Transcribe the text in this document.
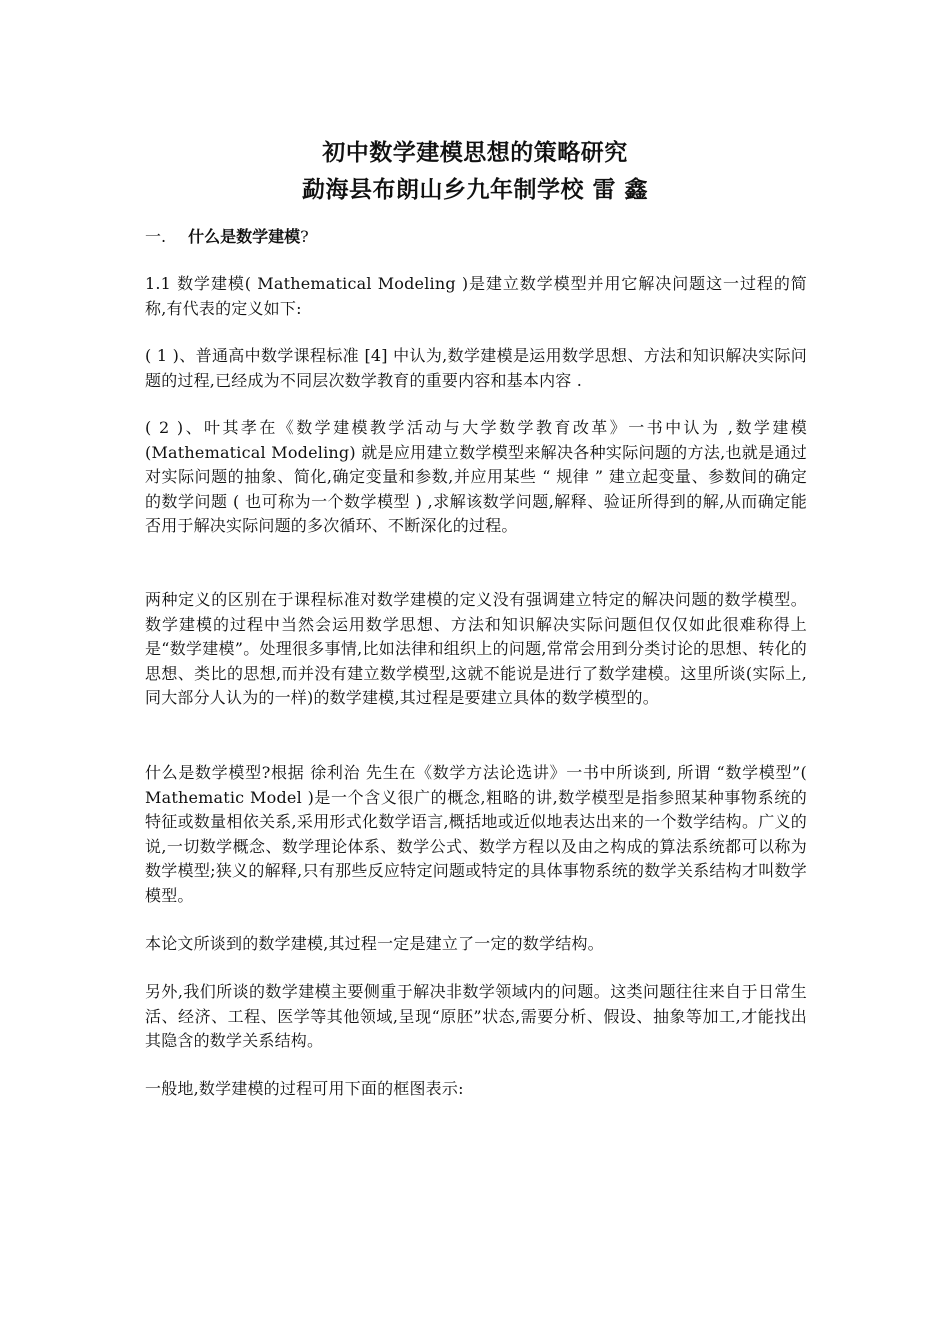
初中数学建模思想的策略研究
勐海县布朗山乡九年制学校 雷 鑫

一. 什么是数学建模?

1.1 数学建模( Mathematical Modeling )是建立数学模型并用它解决问题这一过程的简称,有代表的定义如下:

( 1 )、普通高中数学课程标准 [4] 中认为,数学建模是运用数学思想、方法和知识解决实际问题的过程,已经成为不同层次数学教育的重要内容和基本内容 .

( 2 )、叶其孝在《数学建模教学活动与大学数学教育改革》一书中认为 ,数学建模 (Mathematical Modeling) 就是应用建立数学模型来解决各种实际问题的方法,也就是通过对实际问题的抽象、简化,确定变量和参数,并应用某些 “ 规律 ” 建立起变量、参数间的确定的数学问题 ( 也可称为一个数学模型 ) ,求解该数学问题,解释、验证所得到的解,从而确定能否用于解决实际问题的多次循环、不断深化的过程。

两种定义的区别在于课程标准对数学建模的定义没有强调建立特定的解决问题的数学模型。数学建模的过程中当然会运用数学思想、方法和知识解决实际问题但仅仅如此很难称得上是“数学建模”。处理很多事情,比如法律和组织上的问题,常常会用到分类讨论的思想、转化的思想、类比的思想,而并没有建立数学模型,这就不能说是进行了数学建模。这里所谈(实际上,同大部分人认为的一样)的数学建模,其过程是要建立具体的数学模型的。

什么是数学模型?根据 徐利治 先生在《数学方法论选讲》一书中所谈到, 所谓 “数学模型”( Mathematic Model )是一个含义很广的概念,粗略的讲,数学模型是指参照某种事物系统的特征或数量相依关系,采用形式化数学语言,概括地或近似地表达出来的一个数学结构。广义的说,一切数学概念、数学理论体系、数学公式、数学方程以及由之构成的算法系统都可以称为数学模型;狭义的解释,只有那些反应特定问题或特定的具体事物系统的数学关系结构才叫数学模型。

本论文所谈到的数学建模,其过程一定是建立了一定的数学结构。

另外,我们所谈的数学建模主要侧重于解决非数学领域内的问题。这类问题往往来自于日常生活、经济、工程、医学等其他领域,呈现“原胚”状态,需要分析、假设、抽象等加工,才能找出其隐含的数学关系结构。

一般地,数学建模的过程可用下面的框图表示:
